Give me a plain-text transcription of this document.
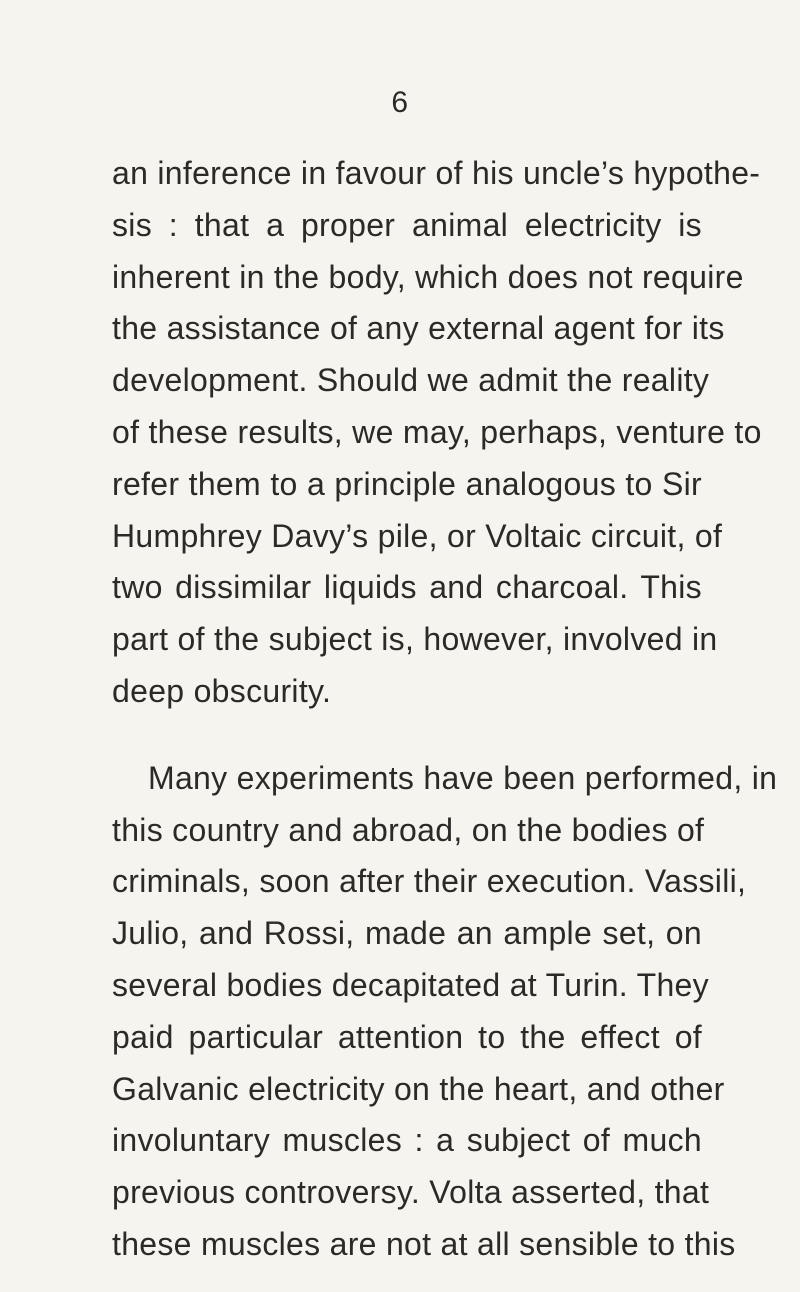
6
an inference in favour of his uncle’s hypothe-
sis : that a proper animal electricity is
inherent in the body, which does not require
the assistance of any external agent for its
development. Should we admit the reality
of these results, we may, perhaps, venture to
refer them to a principle analogous to Sir
Humphrey Davy’s pile, or Voltaic circuit, of
two dissimilar liquids and charcoal. This
part of the subject is, however, involved in
deep obscurity.
Many experiments have been performed, in
this country and abroad, on the bodies of
criminals, soon after their execution. Vassili,
Julio, and Rossi, made an ample set, on
several bodies decapitated at Turin. They
paid particular attention to the effect of
Galvanic electricity on the heart, and other
involuntary muscles : a subject of much
previous controversy. Volta asserted, that
these muscles are not at all sensible to this
